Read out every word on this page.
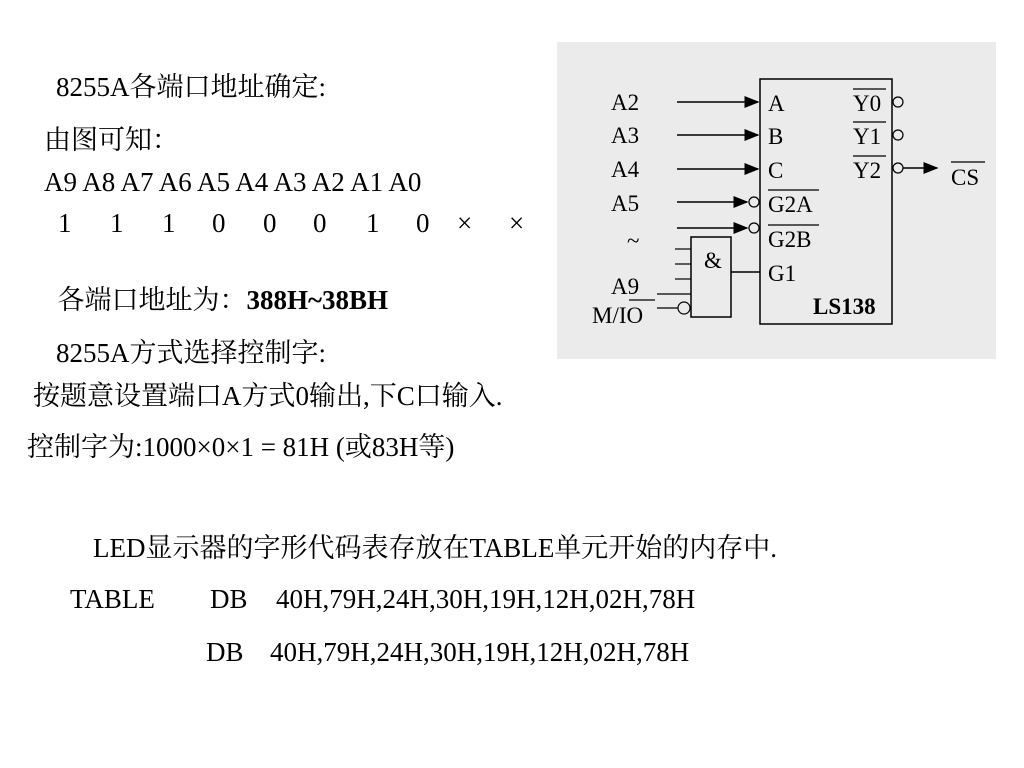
8255A各端口地址确定:
由图可知：
A9 A8 A7 A6 A5 A4 A3 A2 A1 A0
1 1 1 0 0 0 1 0 × ×

各端口地址为：388H~38BH

8255A方式选择控制字:
按题意设置端口A方式0输出,下C口输入.
控制字为:1000×0×1 = 81H (或83H等)
LED显示器的字形代码表存放在TABLE单元开始的内存中.
TABLE DB 40H,79H,24H,30H,19H,12H,02H,78H
DB 40H,79H,24H,30H,19H,12H,02H,78H
A2
A3
A4
A5
~
A9
M/IO
&
A
B
C
G2A
G2B
G1
Y0
Y1
Y2	CS
LS138
